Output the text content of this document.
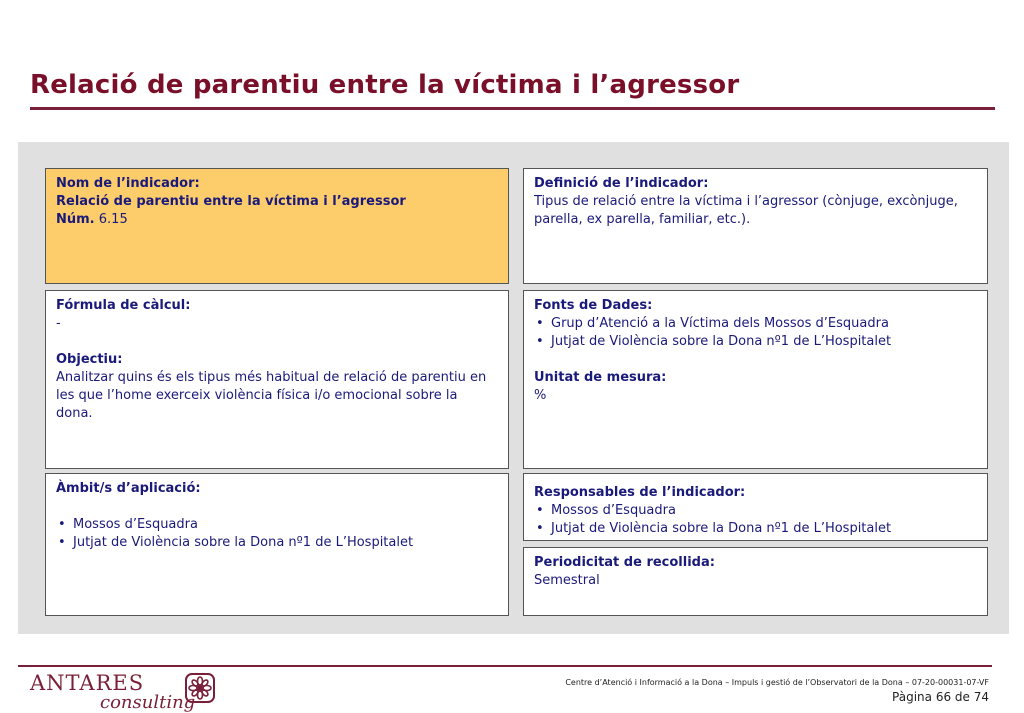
Relació de parentiu entre la víctima i l’agressor
Nom de l’indicador:
Relació de parentiu entre la víctima i l’agressor
Núm. 6.15
Definició de l’indicador:
Tipus de relació entre la víctima i l’agressor (cònjuge, excònjuge, parella, ex parella, familiar, etc.).
Fórmula de càlcul:
-
Objectiu:
Analitzar quins és els tipus més habitual de relació de parentiu en les que l’home exerceix violència física i/o emocional sobre la dona.
Fonts de Dades:
• Grup d’Atenció a la Víctima dels Mossos d’Esquadra
• Jutjat de Violència sobre la Dona nº1 de L’Hospitalet
Unitat de mesura:
%
Àmbit/s d’aplicació:
• Mossos d’Esquadra
• Jutjat de Violència sobre la Dona nº1 de L’Hospitalet
Responsables de l’indicador:
• Mossos d’Esquadra
• Jutjat de Violència sobre la Dona nº1 de L’Hospitalet
Periodicitat de recollida:
Semestral
ANTARES
consulting
Centre d’Atenció i Informació a la Dona – Impuls i gestió de l’Observatori de la Dona – 07-20-00031-07-VF
Pàgina 66 de 74
